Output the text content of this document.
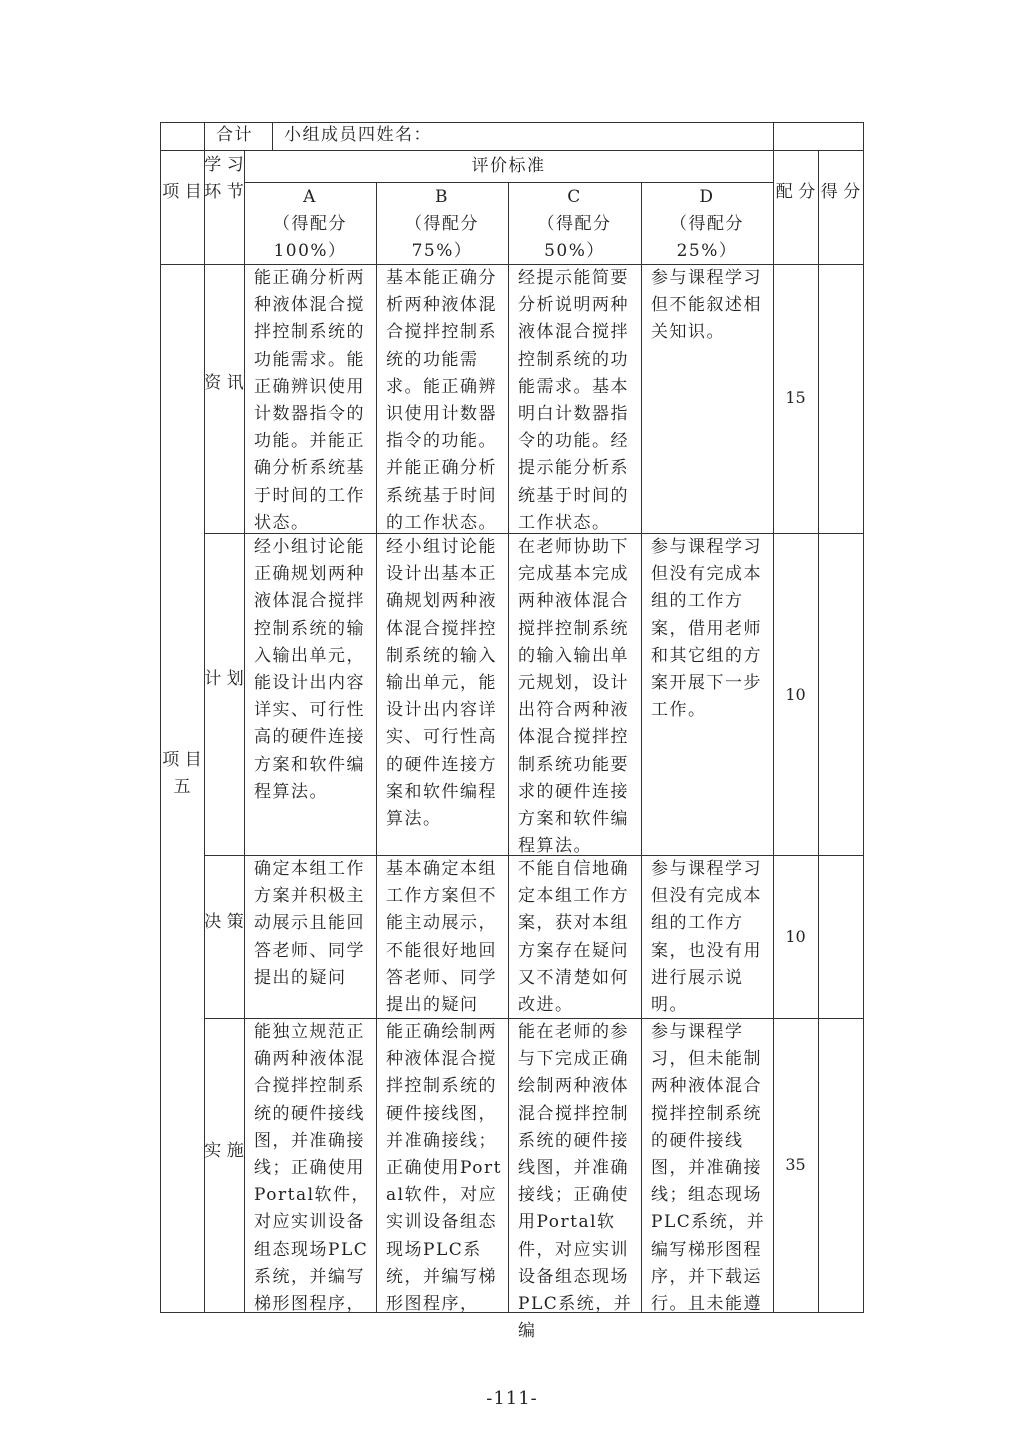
合计 小组成员四姓名：
项 目
学 习 环 节
评价标准
A
（得配分
100%）
B
（得配分
75%）
C
（得配分
50%）
D
（得配分
25%）
配 分 得 分
项 目 五
资 讯
能正确分析两种液体混合搅拌控制系统的功能需求。能正确辨识使用计数器指令的功能。并能正确分析系统基于时间的工作状态。
基本能正确分析两种液体混合搅拌控制系统的功能需求。能正确辨识使用计数器指令的功能。并能正确分析系统基于时间的工作状态。
经提示能简要分析说明两种液体混合搅拌控制系统的功能需求。基本明白计数器指令的功能。经提示能分析系统基于时间的工作状态。
参与课程学习但不能叙述相关知识。
15
计 划
经小组讨论能正确规划两种液体混合搅拌控制系统的输入输出单元，能设计出内容详实、可行性高的硬件连接方案和软件编程算法。
经小组讨论能设计出基本正确规划两种液体混合搅拌控制系统的输入输出单元，能设计出内容详实、可行性高的硬件连接方案和软件编程算法。
在老师协助下完成基本完成两种液体混合搅拌控制系统的输入输出单元规划，设计出符合两种液体混合搅拌控制系统功能要求的硬件连接方案和软件编程算法。
参与课程学习但没有完成本组的工作方案，借用老师和其它组的方案开展下一步工作。
10
决 策
确定本组工作方案并积极主动展示且能回答老师、同学提出的疑问
基本确定本组工作方案但不能主动展示，不能很好地回答老师、同学提出的疑问
不能自信地确定本组工作方案，获对本组方案存在疑问又不清楚如何改进。
参与课程学习但没有完成本组的工作方案，也没有用进行展示说明。
10
实 施
能独立规范正确两种液体混合搅拌控制系统的硬件接线图，并准确接线；正确使用Portal软件，对应实训设备组态现场PLC系统，并编写梯形图程序，
能正确绘制两种液体混合搅拌控制系统的硬件接线图，并准确接线；正确使用Portal软件，对应实训设备组态现场PLC系统，并编写梯形图程序，
能在老师的参与下完成正确绘制两种液体混合搅拌控制系统的硬件接线图，并准确接线；正确使用Portal软件，对应实训设备组态现场PLC系统，并编
参与课程学习，但未能制两种液体混合搅拌控制系统的硬件接线图，并准确接线；组态现场PLC系统，并编写梯形图程序，并下载运行。且未能遵
35
-111-
